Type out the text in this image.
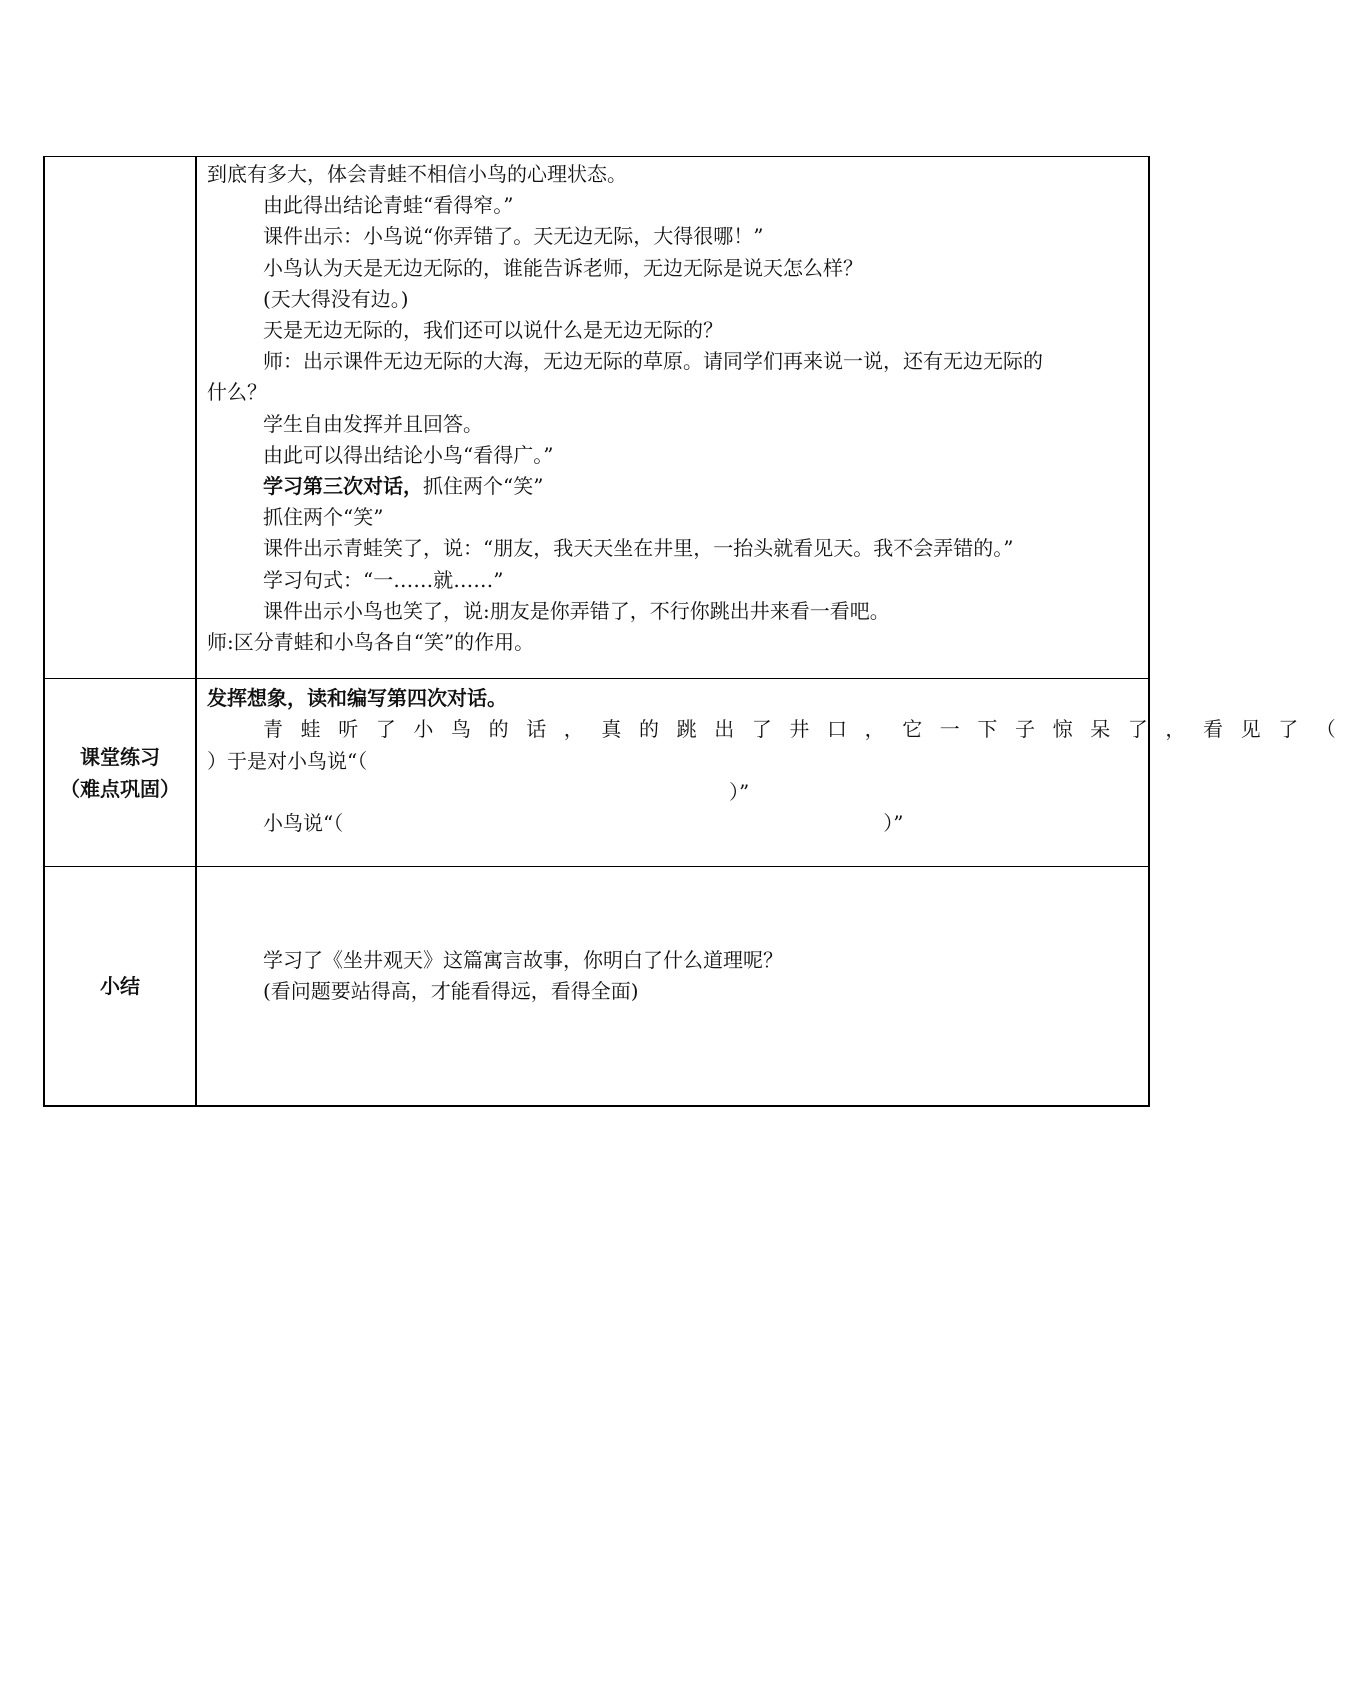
到底有多大，体会青蛙不相信小鸟的心理状态。
由此得出结论青蛙“看得窄。”
课件出示：小鸟说“你弄错了。天无边无际，大得很哪！”
小鸟认为天是无边无际的，谁能告诉老师，无边无际是说天怎么样？
(天大得没有边。)
天是无边无际的，我们还可以说什么是无边无际的？
师：出示课件无边无际的大海，无边无际的草原。请同学们再来说一说，还有无边无际的
什么？
学生自由发挥并且回答。
由此可以得出结论小鸟“看得广。”
学习第三次对话，抓住两个“笑”
抓住两个“笑”
课件出示青蛙笑了，说：“朋友，我天天坐在井里，一抬头就看见天。我不会弄错的。”
学习句式：“一……就……”
课件出示小鸟也笑了，说:朋友是你弄错了，不行你跳出井来看一看吧。
师:区分青蛙和小鸟各自“笑”的作用。
课堂练习
（难点巩固）
发挥想象，读和编写第四次对话。
青蛙听了小鸟的话，真的跳出了井口，它一下子惊呆了，看见了（
）于是对小鸟说“（
）”
小鸟说“（	）”
小结
学习了《坐井观天》这篇寓言故事，你明白了什么道理呢？
(看问题要站得高，才能看得远，看得全面)
